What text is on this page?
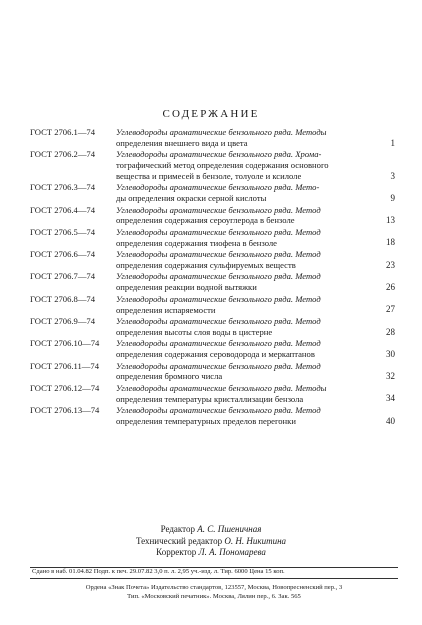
СОДЕРЖАНИЕ
ГОСТ 2706.1—74	Углеводороды ароматические бензольного ряда. Методы
определения внешнего вида и цвета	1
ГОСТ 2706.2—74	Углеводороды ароматические бензольного ряда. Хрома-
тографический метод определения содержания основного
вещества и примесей в бензоле, толуоле и ксилоле	3
ГОСТ 2706.3—74	Углеводороды ароматические бензольного ряда. Мето-
ды определения окраски серной кислоты	9
ГОСТ 2706.4—74	Углеводороды ароматические бензольного ряда. Метод
определения содержания сероуглерода в бензоле	13
ГОСТ 2706.5—74	Углеводороды ароматические бензольного ряда. Метод
определения содержания тиофена в бензоле	18
ГОСТ 2706.6—74	Углеводороды ароматические бензольного ряда. Метод
определения содержания сульфируемых веществ	23
ГОСТ 2706.7—74	Углеводороды ароматические бензольного ряда. Метод
определения реакции водной вытяжки	26
ГОСТ 2706.8—74	Углеводороды ароматические бензольного ряда. Метод
определения испаряемости	27
ГОСТ 2706.9—74	Углеводороды ароматические бензольного ряда. Метод
определения высоты слоя воды в цистерне	28
ГОСТ 2706.10—74	Углеводороды ароматические бензольного ряда. Метод
определения содержания сероводорода и меркаптанов	30
ГОСТ 2706.11—74	Углеводороды ароматические бензольного ряда. Метод
определения бромного числа	32
ГОСТ 2706.12—74	Углеводороды ароматические бензольного ряда. Методы
определения температуры кристаллизации бензола	34
ГОСТ 2706.13—74	Углеводороды ароматические бензольного ряда. Метод
определения температурных пределов перегонки	40
Редактор А. С. Пшеничная
Технический редактор О. Н. Никитина
Корректор Л. А. Пономарева
Сдано в наб. 01.04.82 Подп. к печ. 29.07.82 3,0 п. л. 2,95 уч.-изд. л. Тир. 6000 Цена 15 коп.
Ордена «Знак Почета» Издательство стандартов, 123557, Москва, Новопресненский пер., 3
Тип. «Московский печатник». Москва, Лялин пер., 6. Зак. 565
